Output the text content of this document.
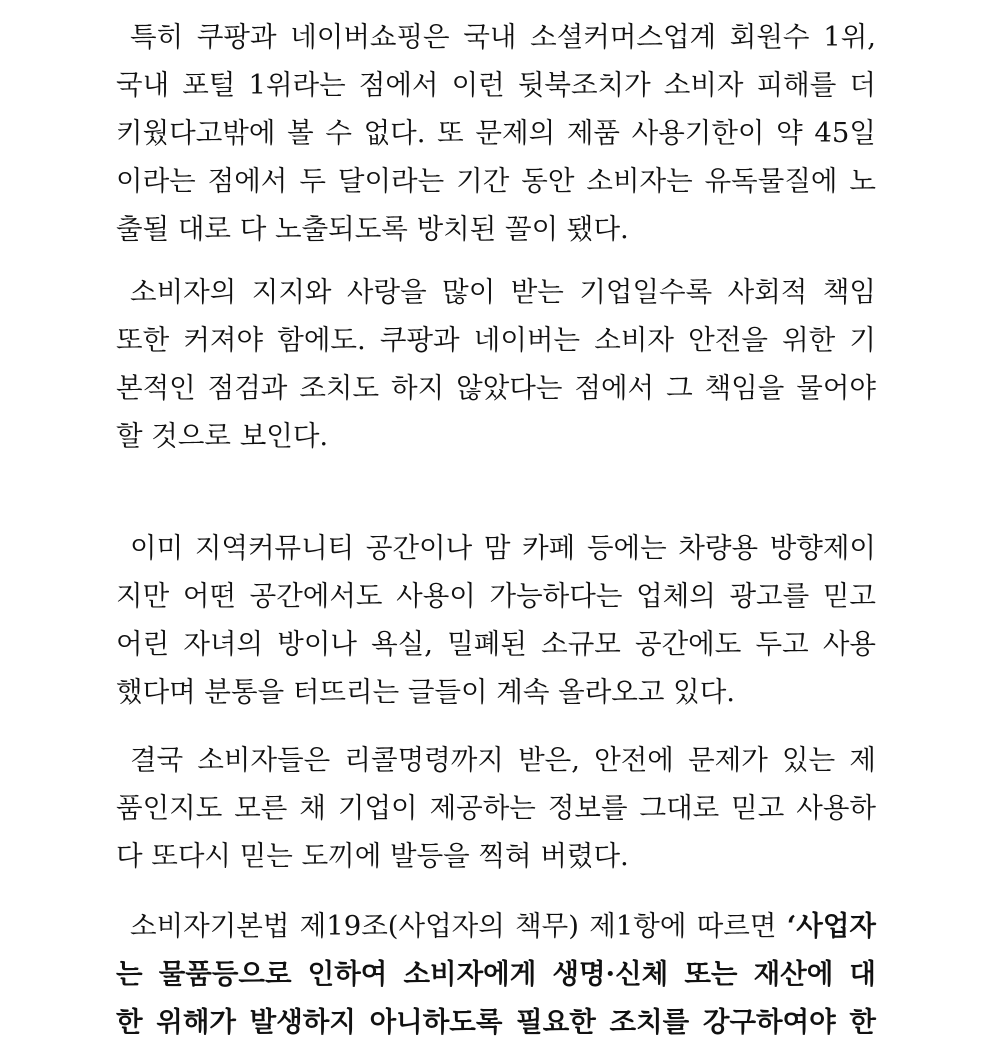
특히 쿠팡과 네이버쇼핑은 국내 소셜커머스업계 회원수 1위,
국내 포털 1위라는 점에서 이런 뒷북조치가 소비자 피해를 더
키웠다고밖에 볼 수 없다. 또 문제의 제품 사용기한이 약 45일
이라는 점에서 두 달이라는 기간 동안 소비자는 유독물질에 노
출될 대로 다 노출되도록 방치된 꼴이 됐다.
소비자의 지지와 사랑을 많이 받는 기업일수록 사회적 책임
또한 커져야 함에도. 쿠팡과 네이버는 소비자 안전을 위한 기
본적인 점검과 조치도 하지 않았다는 점에서 그 책임을 물어야
할 것으로 보인다.
이미 지역커뮤니티 공간이나 맘 카페 등에는 차량용 방향제이
지만 어떤 공간에서도 사용이 가능하다는 업체의 광고를 믿고
어린 자녀의 방이나 욕실, 밀폐된 소규모 공간에도 두고 사용
했다며 분통을 터뜨리는 글들이 계속 올라오고 있다.
결국 소비자들은 리콜명령까지 받은, 안전에 문제가 있는 제
품인지도 모른 채 기업이 제공하는 정보를 그대로 믿고 사용하
다 또다시 믿는 도끼에 발등을 찍혀 버렸다.
소비자기본법 제19조(사업자의 책무) 제1항에 따르면 ‘사업자
는 물품등으로 인하여 소비자에게 생명·신체 또는 재산에 대
한 위해가 발생하지 아니하도록 필요한 조치를 강구하여야 한
